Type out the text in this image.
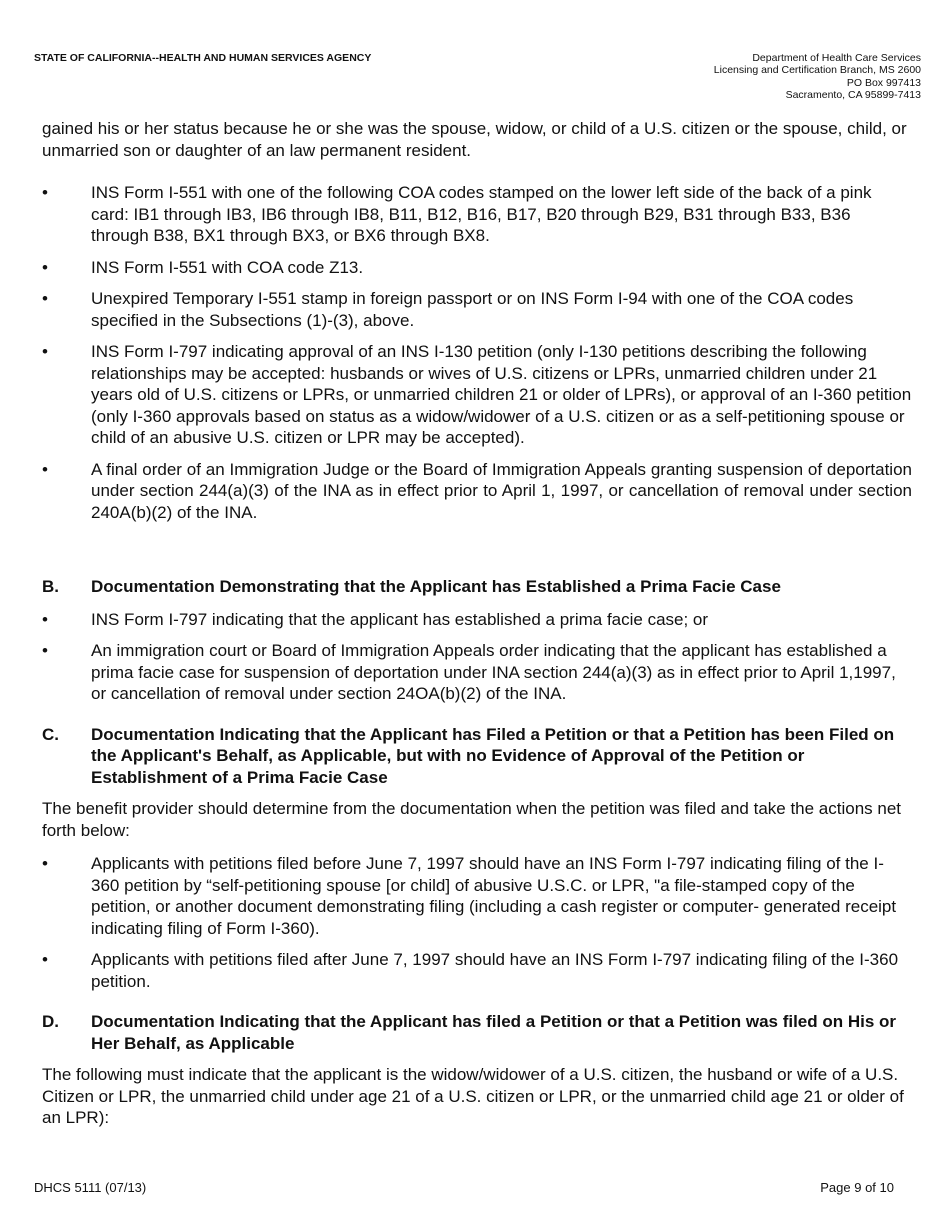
STATE OF CALIFORNIA--HEALTH AND HUMAN SERVICES AGENCY	Department of Health Care Services
Licensing and Certification Branch, MS 2600
PO Box 997413
Sacramento, CA 95899-7413

gained his or her status because he or she was the spouse, widow, or child of a U.S. citizen or the spouse, child, or unmarried son or daughter of an law permanent resident.

•	INS Form I-551 with one of the following COA codes stamped on the lower left side of the back of a pink card: IB1 through IB3, IB6 through IB8, B11, B12, B16, B17, B20 through B29, B31 through B33, B36 through B38, BX1 through BX3, or BX6 through BX8.
•	INS Form I-551 with COA code Z13.
•	Unexpired Temporary I-551 stamp in foreign passport or on INS Form I-94 with one of the COA codes specified in the Subsections (1)-(3), above.
•	INS Form I-797 indicating approval of an INS I-130 petition (only I-130 petitions describing the following relationships may be accepted: husbands or wives of U.S. citizens or LPRs, unmarried children under 21 years old of U.S. citizens or LPRs, or unmarried children 21 or older of LPRs), or approval of an I-360 petition (only I-360 approvals based on status as a widow/widower of a U.S. citizen or as a self-petitioning spouse or child of an abusive U.S. citizen or LPR may be accepted).
•	A final order of an Immigration Judge or the Board of Immigration Appeals granting suspension of deportation under section 244(a)(3) of the INA as in effect prior to April 1, 1997, or cancellation of removal under section 240A(b)(2) of the INA.
B.	Documentation Demonstrating that the Applicant has Established a Prima Facie Case
•	INS Form I-797 indicating that the applicant has established a prima facie case; or
•	An immigration court or Board of Immigration Appeals order indicating that the applicant has established a prima facie case for suspension of deportation under INA section 244(a)(3) as in effect prior to April 1,1997, or cancellation of removal under section 24OA(b)(2) of the INA.
C.	Documentation Indicating that the Applicant has Filed a Petition or that a Petition has been Filed on the Applicant's Behalf, as Applicable, but with no Evidence of Approval of the Petition or Establishment of a Prima Facie Case

The benefit provider should determine from the documentation when the petition was filed and take the actions net forth below:

•	Applicants with petitions filed before June 7, 1997 should have an INS Form I-797 indicating filing of the I-360 petition by “self-petitioning spouse [or child] of abusive U.S.C. or LPR, "a file-stamped copy of the petition, or another document demonstrating filing (including a cash register or computer- generated receipt indicating filing of Form I-360).
•	Applicants with petitions filed after June 7, 1997 should have an INS Form I-797 indicating filing of the I-360 petition.
D.	Documentation Indicating that the Applicant has filed a Petition or that a Petition was filed on His or Her Behalf, as Applicable

The following must indicate that the applicant is the widow/widower of a U.S. citizen, the husband or wife of a U.S. Citizen or LPR, the unmarried child under age 21 of a U.S. citizen or LPR, or the unmarried child age 21 or older of an LPR):

DHCS 5111 (07/13)	Page 9 of 10
